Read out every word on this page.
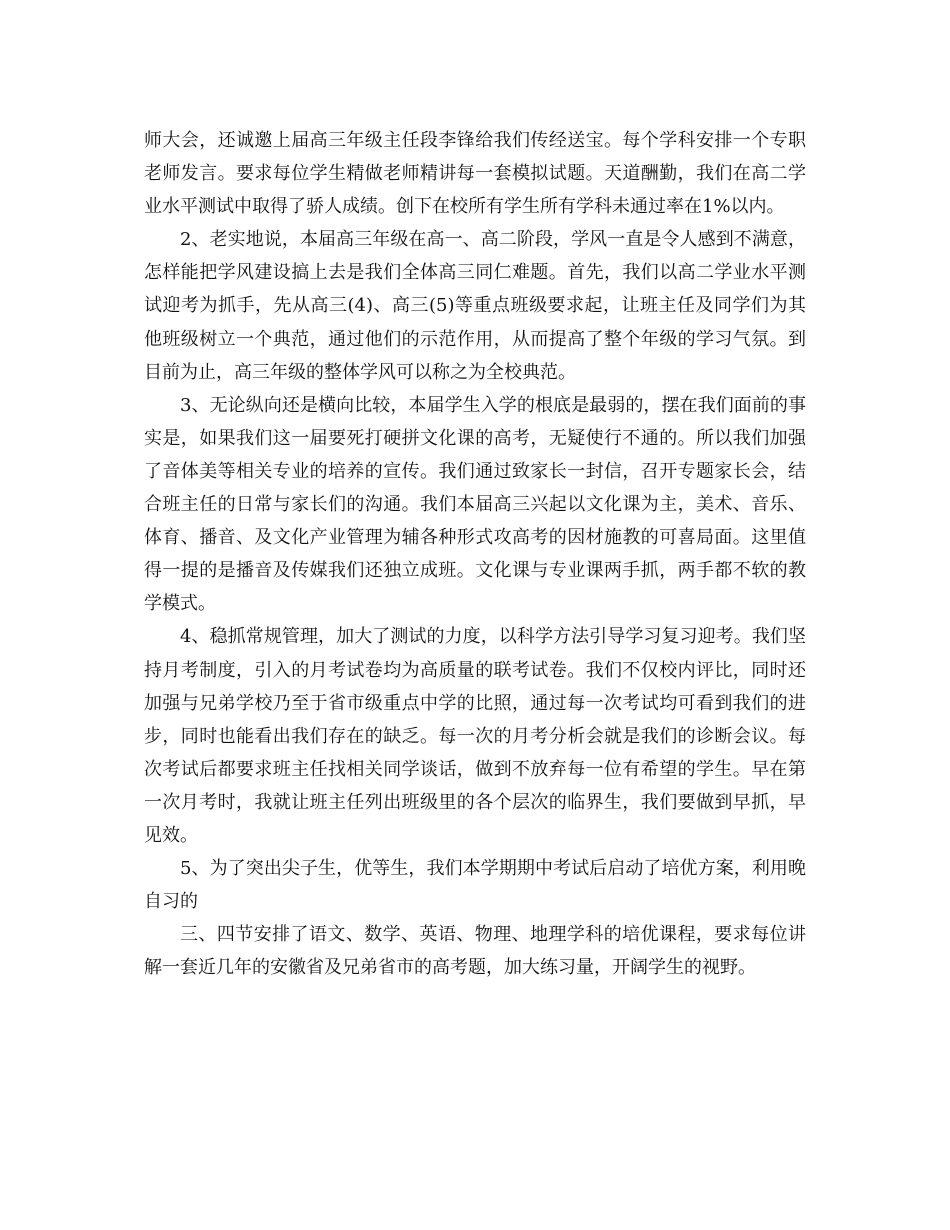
师大会，还诚邀上届高三年级主任段李锋给我们传经送宝。每个学科安排一个专职老师发言。要求每位学生精做老师精讲每一套模拟试题。天道酬勤，我们在高二学业水平测试中取得了骄人成绩。创下在校所有学生所有学科未通过率在1%以内。

2、老实地说，本届高三年级在高一、高二阶段，学风一直是令人感到不满意，怎样能把学风建设搞上去是我们全体高三同仁难题。首先，我们以高二学业水平测试迎考为抓手，先从高三(4)、高三(5)等重点班级要求起，让班主任及同学们为其他班级树立一个典范，通过他们的示范作用，从而提高了整个年级的学习气氛。到目前为止，高三年级的整体学风可以称之为全校典范。

3、无论纵向还是横向比较，本届学生入学的根底是最弱的，摆在我们面前的事实是，如果我们这一届要死打硬拼文化课的高考，无疑使行不通的。所以我们加强了音体美等相关专业的培养的宣传。我们通过致家长一封信，召开专题家长会，结合班主任的日常与家长们的沟通。我们本届高三兴起以文化课为主，美术、音乐、体育、播音、及文化产业管理为辅各种形式攻高考的因材施教的可喜局面。这里值得一提的是播音及传媒我们还独立成班。文化课与专业课两手抓，两手都不软的教学模式。

4、稳抓常规管理，加大了测试的力度，以科学方法引导学习复习迎考。我们坚持月考制度，引入的月考试卷均为高质量的联考试卷。我们不仅校内评比，同时还加强与兄弟学校乃至于省市级重点中学的比照，通过每一次考试均可看到我们的进步，同时也能看出我们存在的缺乏。每一次的月考分析会就是我们的诊断会议。每次考试后都要求班主任找相关同学谈话，做到不放弃每一位有希望的学生。早在第一次月考时，我就让班主任列出班级里的各个层次的临界生，我们要做到早抓，早见效。

5、为了突出尖子生，优等生，我们本学期期中考试后启动了培优方案，利用晚自习的

三、四节安排了语文、数学、英语、物理、地理学科的培优课程，要求每位讲解一套近几年的安徽省及兄弟省市的高考题，加大练习量，开阔学生的视野。
